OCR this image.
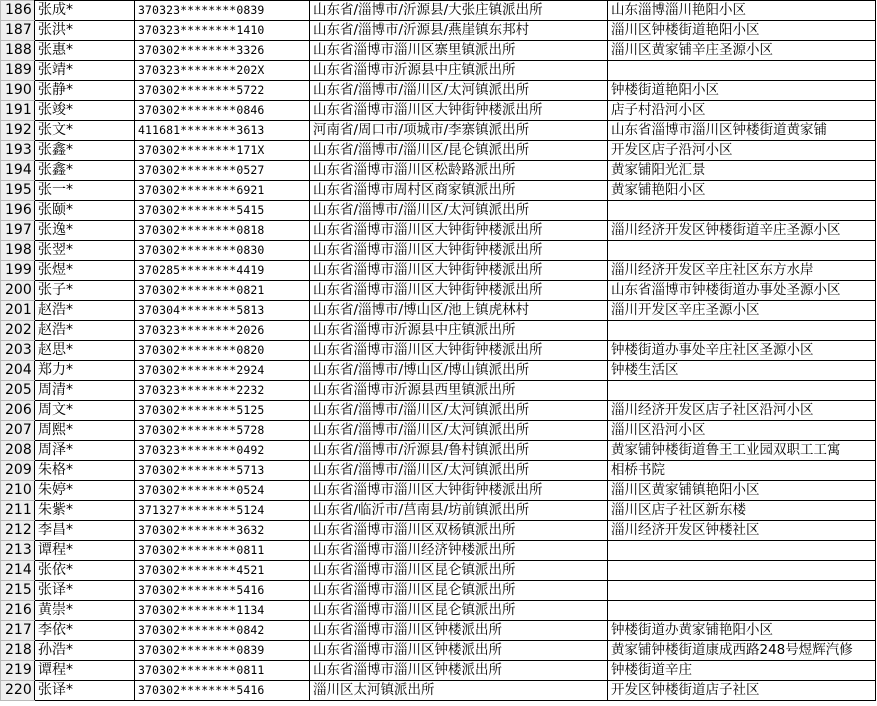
186	张成*	370323********0839	山东省/淄博市/沂源县/大张庄镇派出所	山东淄博淄川艳阳小区
187	张洪*	370323********1410	山东省/淄博市/沂源县/燕崖镇东邦村	淄川区钟楼街道艳阳小区
188	张惠*	370302********3326	山东省淄博市淄川区寨里镇派出所	淄川区黄家铺辛庄圣源小区
189	张靖*	370323********202X	山东省淄博市沂源县中庄镇派出所	
190	张静*	370302********5722	山东省/淄博市/淄川区/太河镇派出所	钟楼街道艳阳小区
191	张竣*	370302********0846	山东省淄博市淄川区大钟街钟楼派出所	店子村沿河小区
192	张文*	411681********3613	河南省/周口市/项城市/李寨镇派出所	山东省淄博市淄川区钟楼街道黄家铺
193	张鑫*	370302********171X	山东省/淄博市/淄川区/昆仑镇派出所	开发区店子沿河小区
194	张鑫*	370302********0527	山东省淄博市淄川区松龄路派出所	黄家铺阳光汇景
195	张一*	370302********6921	山东省淄博市周村区商家镇派出所	黄家铺艳阳小区
196	张颐*	370302********5415	山东省/淄博市/淄川区/太河镇派出所	
197	张逸*	370302********0818	山东省淄博市淄川区大钟街钟楼派出所	淄川经济开发区钟楼街道辛庄圣源小区
198	张翌*	370302********0830	山东省淄博市淄川区大钟街钟楼派出所	
199	张煜*	370285********4419	山东省淄博市淄川区大钟街钟楼派出所	淄川经济开发区辛庄社区东方水岸
200	张子*	370302********0821	山东省淄博市淄川区大钟街钟楼派出所	山东省淄博市钟楼街道办事处圣源小区
201	赵浩*	370304********5813	山东省/淄博市/博山区/池上镇虎林村	淄川开发区辛庄圣源小区
202	赵浩*	370323********2026	山东省淄博市沂源县中庄镇派出所	
203	赵思*	370302********0820	山东省淄博市淄川区大钟街钟楼派出所	钟楼街道办事处辛庄社区圣源小区
204	郑力*	370302********2924	山东省/淄博市/博山区/博山镇派出所	钟楼生活区
205	周清*	370323********2232	山东省淄博市沂源县西里镇派出所	
206	周文*	370302********5125	山东省/淄博市/淄川区/太河镇派出所	淄川经济开发区店子社区沿河小区
207	周熙*	370302********5728	山东省/淄博市/淄川区/太河镇派出所	淄川区沿河小区
208	周泽*	370323********0492	山东省/淄博市/沂源县/鲁村镇派出所	黄家铺钟楼街道鲁王工业园双职工工寓
209	朱格*	370302********5713	山东省/淄博市/淄川区/太河镇派出所	相桥书院
210	朱婷*	370302********0524	山东省淄博市淄川区大钟街钟楼派出所	淄川区黄家铺镇艳阳小区
211	朱紫*	371327********5124	山东省/临沂市/莒南县/坊前镇派出所	淄川区店子社区新东楼
212	李昌*	370302********3632	山东省淄博市淄川区双杨镇派出所	淄川经济开发区钟楼社区
213	谭程*	370302********0811	山东省淄博市淄川经济钟楼派出所	
214	张依*	370302********4521	山东省淄博市淄川区昆仑镇派出所	
215	张译*	370302********5416	山东省淄博市淄川区昆仑镇派出所	
216	黄崇*	370302********1134	山东省淄博市淄川区昆仑镇派出所	
217	李依*	370302********0842	山东省淄博市淄川区钟楼派出所	钟楼街道办黄家铺艳阳小区
218	孙浩*	370302********0839	山东省淄博市淄川区钟楼派出所	黄家铺钟楼街道康成西路248号煜辉汽修
219	谭程*	370302********0811	山东省淄博市淄川区钟楼派出所	钟楼街道辛庄
220	张译*	370302********5416	淄川区太河镇派出所	开发区钟楼街道店子社区
